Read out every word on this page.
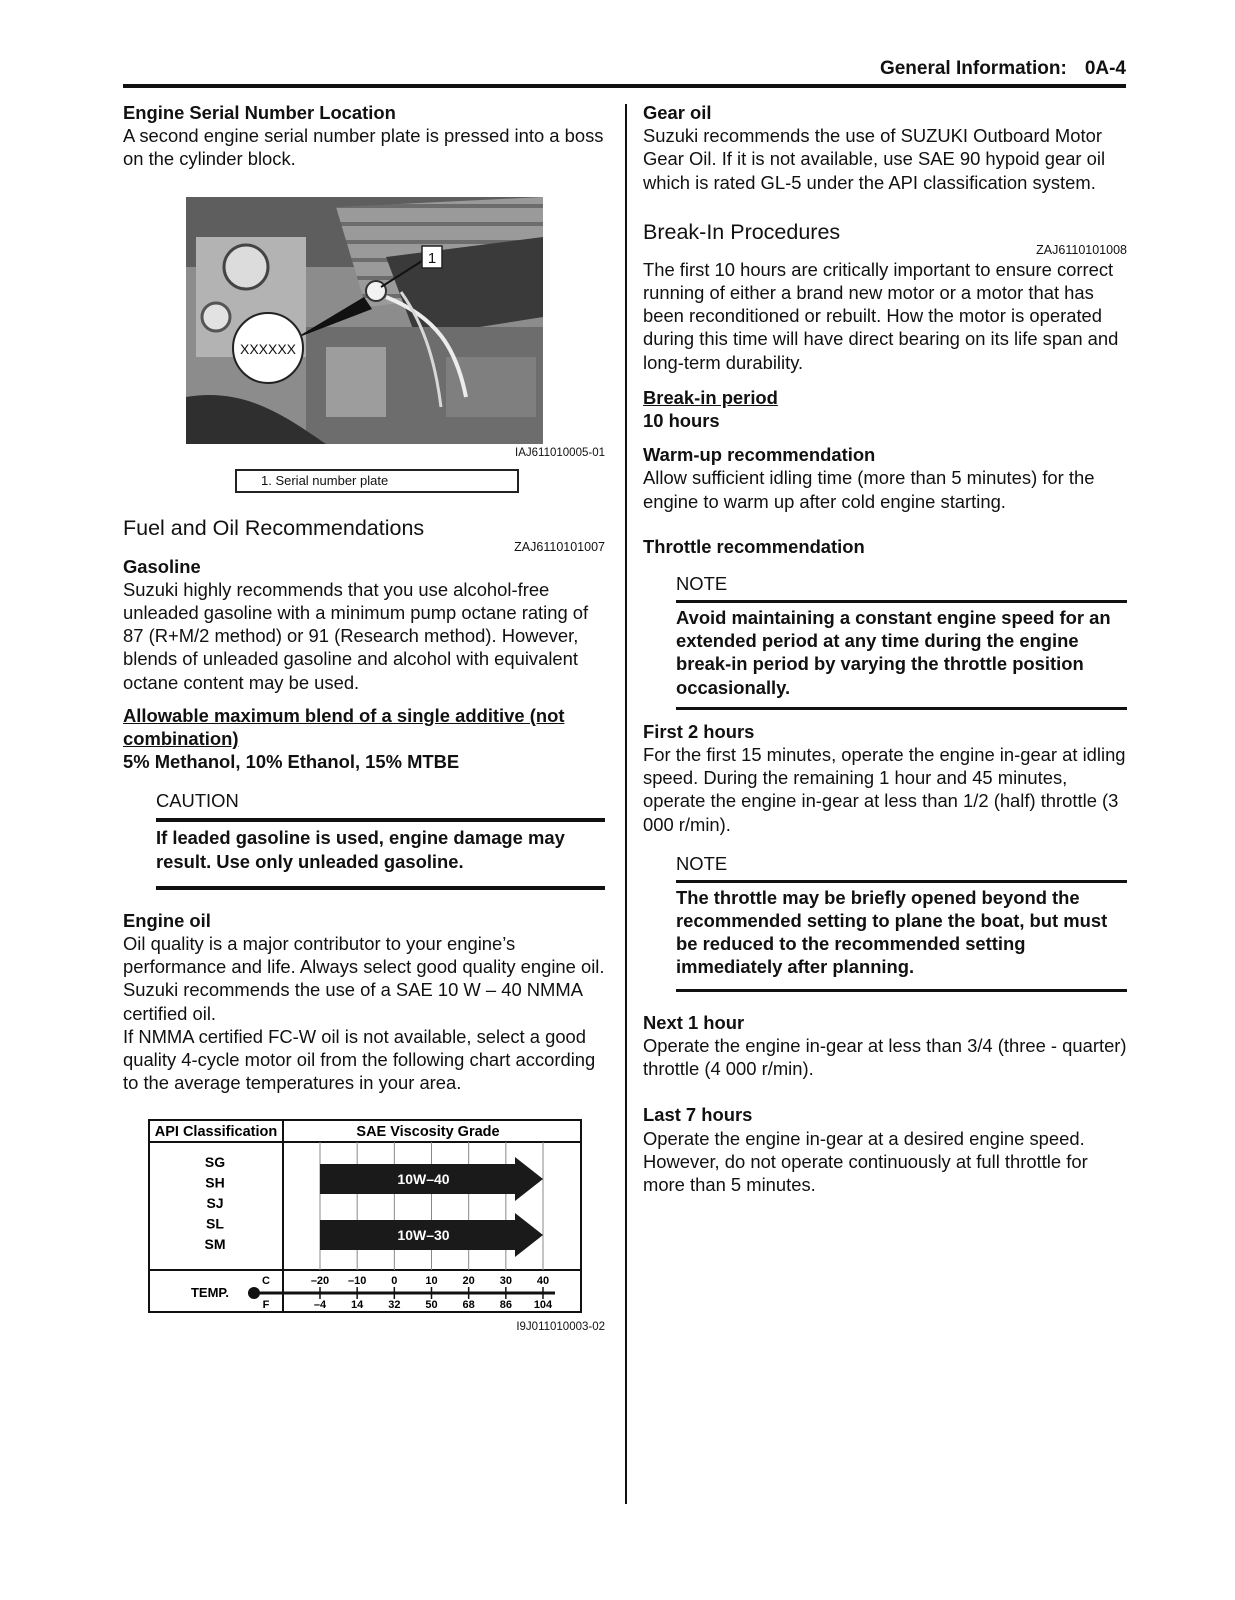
General Information: 0A-4

Engine Serial Number Location

A second engine serial number plate is pressed into a boss on the cylinder block.

1
XXXXXX

IAJ611010005-01

1. Serial number plate
Fuel and Oil Recommendations

ZAJ6110101007

Gasoline

Suzuki highly recommends that you use alcohol-free unleaded gasoline with a minimum pump octane rating of 87 (R+M/2 method) or 91 (Research method). However, blends of unleaded gasoline and alcohol with equivalent octane content may be used.

Allowable maximum blend of a single additive (not combination)

5% Methanol, 10% Ethanol, 15% MTBE

CAUTION

If leaded gasoline is used, engine damage may result. Use only unleaded gasoline.

Engine oil

Oil quality is a major contributor to your engine’s performance and life. Always select good quality engine oil.

Suzuki recommends the use of a SAE 10 W – 40 NMMA certified oil.

If NMMA certified FC-W oil is not available, select a good quality 4-cycle motor oil from the following chart according to the average temperatures in your area.

API Classification	SAE Viscosity Grade
SG
SH
SJ
SL
SM
10W–40
10W–30
TEMP.
C
F
–20
–4
–10
14
0
32
10
50
20
68
30
86
40
104

I9J011010003-02

Gear oil

Suzuki recommends the use of SUZUKI Outboard Motor Gear Oil. If it is not available, use SAE 90 hypoid gear oil which is rated GL-5 under the API classification system.

Break-In Procedures

ZAJ6110101008

The first 10 hours are critically important to ensure correct running of either a brand new motor or a motor that has been reconditioned or rebuilt. How the motor is operated during this time will have direct bearing on its life span and long-term durability.

Break-in period

10 hours

Warm-up recommendation

Allow sufficient idling time (more than 5 minutes) for the engine to warm up after cold engine starting.

Throttle recommendation

NOTE

Avoid maintaining a constant engine speed for an extended period at any time during the engine break-in period by varying the throttle position occasionally.

First 2 hours

For the first 15 minutes, operate the engine in-gear at idling speed. During the remaining 1 hour and 45 minutes, operate the engine in-gear at less than 1/2 (half) throttle (3 000 r/min).

NOTE

The throttle may be briefly opened beyond the recommended setting to plane the boat, but must be reduced to the recommended setting immediately after planning.

Next 1 hour

Operate the engine in-gear at less than 3/4 (three - quarter) throttle (4 000 r/min).

Last 7 hours

Operate the engine in-gear at a desired engine speed. However, do not operate continuously at full throttle for more than 5 minutes.
